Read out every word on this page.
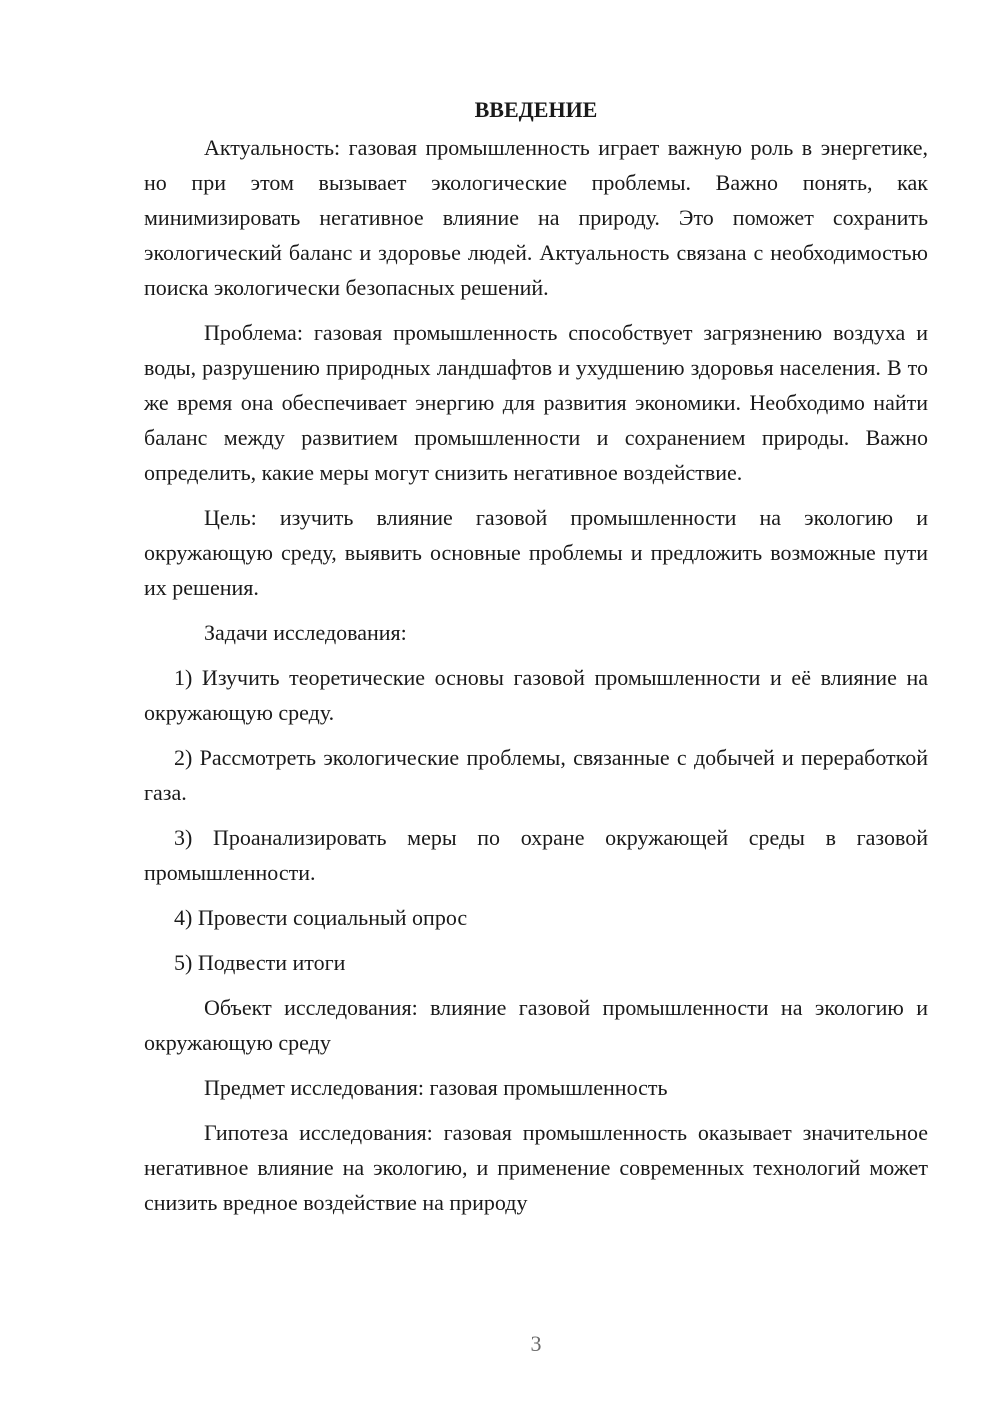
ВВЕДЕНИЕ

Актуальность: газовая промышленность играет важную роль в энергетике, но при этом вызывает экологические проблемы. Важно понять, как минимизировать негативное влияние на природу. Это поможет сохранить экологический баланс и здоровье людей. Актуальность связана с необходимостью поиска экологически безопасных решений.

Проблема: газовая промышленность способствует загрязнению воздуха и воды, разрушению природных ландшафтов и ухудшению здоровья населения. В то же время она обеспечивает энергию для развития экономики. Необходимо найти баланс между развитием промышленности и сохранением природы. Важно определить, какие меры могут снизить негативное воздействие.

Цель: изучить влияние газовой промышленности на экологию и окружающую среду, выявить основные проблемы и предложить возможные пути их решения.

Задачи исследования:

1) Изучить теоретические основы газовой промышленности и её влияние на окружающую среду.

2) Рассмотреть экологические проблемы, связанные с добычей и переработкой газа.

3) Проанализировать меры по охране окружающей среды в газовой промышленности.

4) Провести социальный опрос

5) Подвести итоги

Объект исследования: влияние газовой промышленности на экологию и окружающую среду

Предмет исследования: газовая промышленность

Гипотеза исследования: газовая промышленность оказывает значительное негативное влияние на экологию, и применение современных технологий может снизить вредное воздействие на природу

3
